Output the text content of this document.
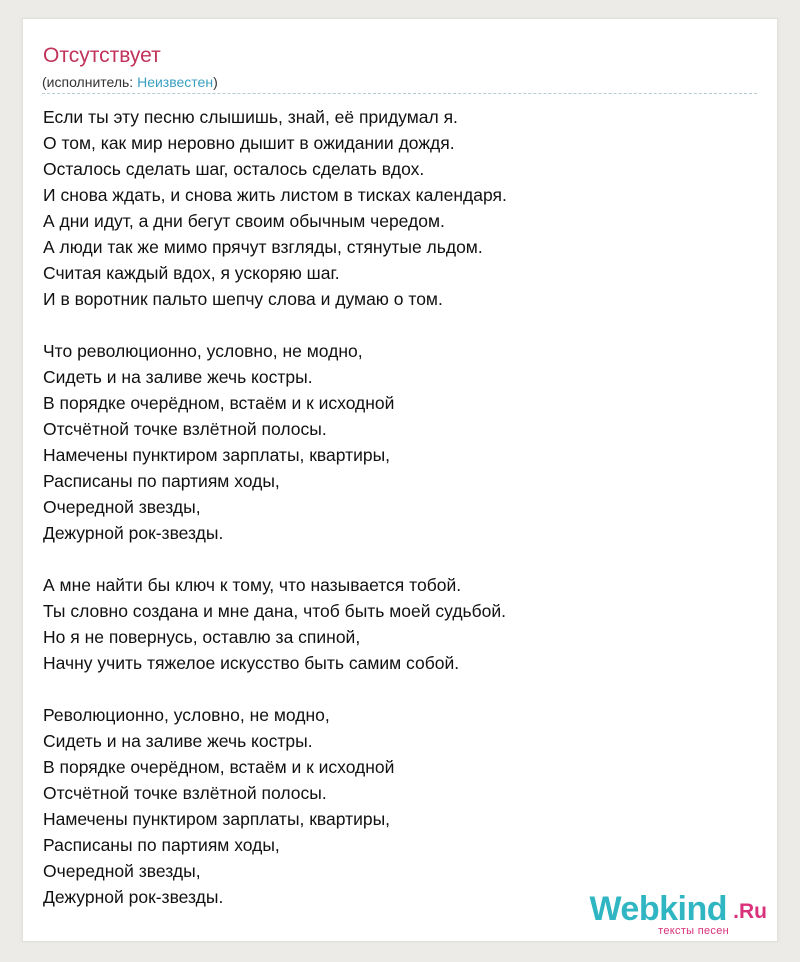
Отсутствует
(исполнитель: Неизвестен)
Если ты эту песню слышишь, знай, её придумал я.
О том, как мир неровно дышит в ожидании дождя.
Осталось сделать шаг, осталось сделать вдох.
И снова ждать, и снова жить листом в тисках календаря.
А дни идут, а дни бегут своим обычным чередом.
А люди так же мимо прячут взгляды, стянутые льдом.
Считая каждый вдох, я ускоряю шаг.
И в воротник пальто шепчу слова и думаю о том.
Что революционно, условно, не модно,
Сидеть и на заливе жечь костры.
В порядке очерёдном, встаём и к исходной
Отсчётной точке взлётной полосы.
Намечены пунктиром зарплаты, квартиры,
Расписаны по партиям ходы,
Очередной звезды,
Дежурной рок-звезды.
А мне найти бы ключ к тому, что называется тобой.
Ты словно создана и мне дана, чтоб быть моей судьбой.
Но я не повернусь, оставлю за спиной,
Начну учить тяжелое искусство быть самим собой.
Революционно, условно, не модно,
Сидеть и на заливе жечь костры.
В порядке очерёдном, встаём и к исходной
Отсчётной точке взлётной полосы.
Намечены пунктиром зарплаты, квартиры,
Расписаны по партиям ходы,
Очередной звезды,
Дежурной рок-звезды.	Webkind .Ru
тексты песен
